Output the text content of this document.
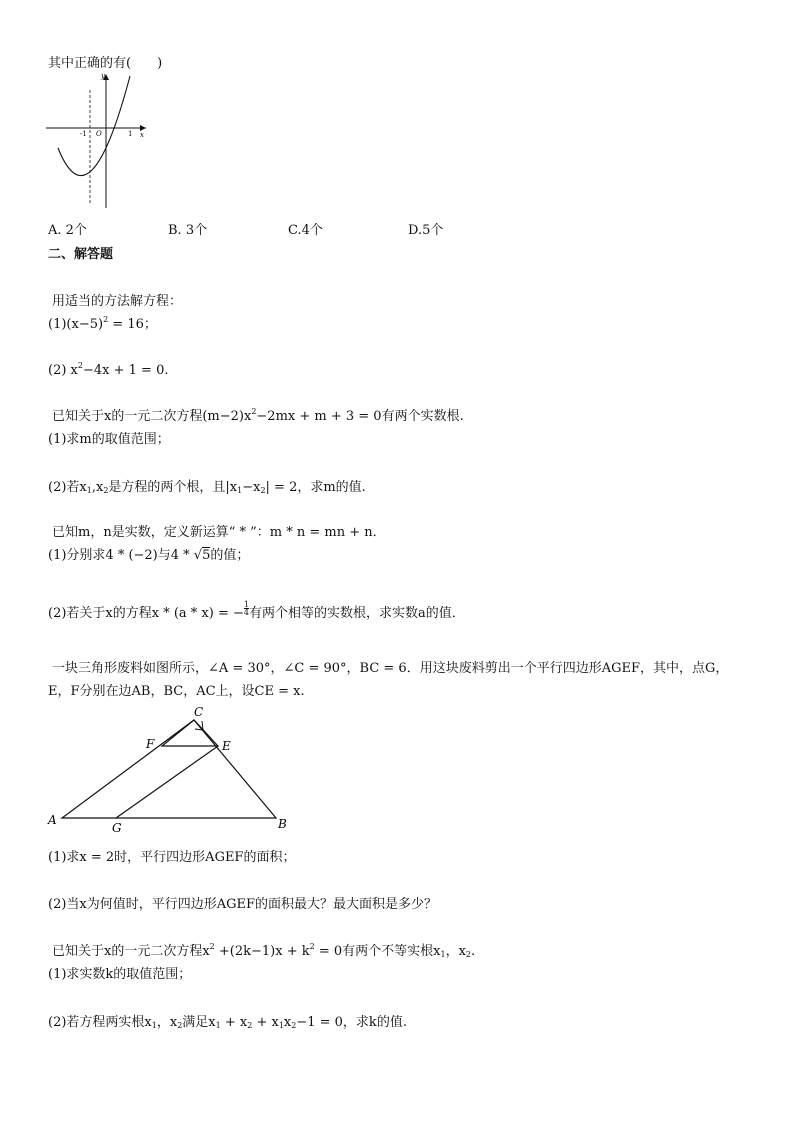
其中正确的有(　　)
y
x
-1 O	1
A. 2个	B. 3个	C.4个	D.5个
二、解答题
用适当的方法解方程：
$(1)(x-5)^2 = 16$；
(2) $x^2-4x + 1 = 0$.
已知关于x的一元二次方程$(m-2)x^2-2mx + m + 3 = 0$有两个实数根.
(1)求m的取值范围；
(2)若$x_1,x_2$是方程的两个根，且$|x_1-x_2| = 2$，求m的值.
已知m，n是实数，定义新运算“ * ”：m * n = mn + n．
(1)分别求4 * (−2)与4 * √5的值；
(2)若关于x的方程x * (a * x) = − $\frac{1}{4}$ 有两个相等的实数根，求实数a的值．
一块三角形废料如图所示，∠A = 30°，∠C = 90°，BC = 6．用这块废料剪出一个平行四边形AGEF，其中，点G，
E，F分别在边AB，BC，AC上，设CE = x.
C
F	E
A
G	B
(1)求x = 2时，平行四边形AGEF的面积；
(2)当x为何值时，平行四边形AGEF的面积最大？最大面积是多少？
已知关于x的一元二次方程$x^2 +(2k-1)x + k^2 = 0$有两个不等实根$x_1$，$x_2$.
(1)求实数k的取值范围；
(2)若方程两实根$x_1$，$x_2$满足$x_1 + x_2 + x_1x_2-1 = 0$，求k的值.
